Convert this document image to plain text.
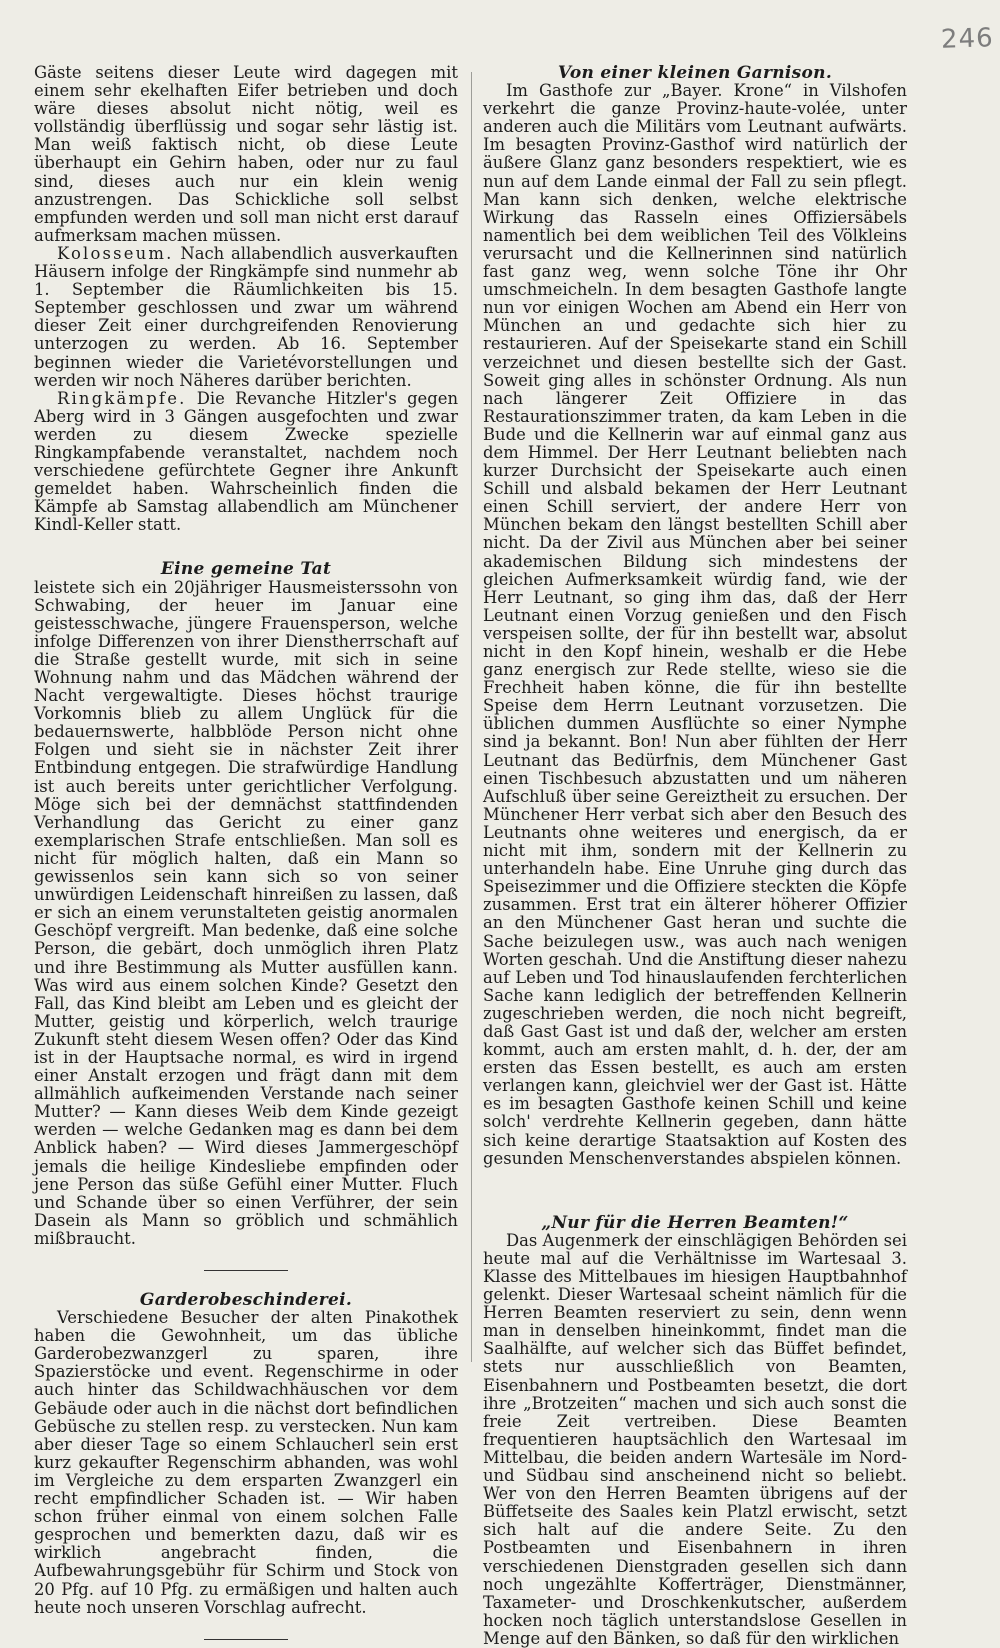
246

Gäste seitens dieser Leute wird dagegen mit einem sehr ekelhaften Eifer betrieben und doch wäre dieses absolut nicht nötig, weil es vollständig überflüssig und sogar sehr lästig ist. Man weiß faktisch nicht, ob diese Leute überhaupt ein Gehirn haben, oder nur zu faul sind, dieses auch nur ein klein wenig anzustrengen. Das Schickliche soll selbst empfunden werden und soll man nicht erst darauf aufmerksam machen müssen.

Kolosseum. Nach allabendlich ausverkauften Häusern infolge der Ringkämpfe sind nunmehr ab 1. September die Räumlichkeiten bis 15. September geschlossen und zwar um während dieser Zeit einer durchgreifenden Renovierung unterzogen zu werden. Ab 16. September beginnen wieder die Varietévorstellungen und werden wir noch Näheres darüber berichten.

Ringkämpfe. Die Revanche Hitzler's gegen Aberg wird in 3 Gängen ausgefochten und zwar werden zu diesem Zwecke spezielle Ringkampfabende veranstaltet, nachdem noch verschiedene gefürchtete Gegner ihre Ankunft gemeldet haben. Wahrscheinlich finden die Kämpfe ab Samstag allabendlich am Münchener Kindl-Keller statt.

Eine gemeine Tat

leistete sich ein 20jähriger Hausmeisterssohn von Schwabing, der heuer im Januar eine geistesschwache, jüngere Frauensperson, welche infolge Differenzen von ihrer Dienstherrschaft auf die Straße gestellt wurde, mit sich in seine Wohnung nahm und das Mädchen während der Nacht vergewaltigte. Dieses höchst traurige Vorkomnis blieb zu allem Unglück für die bedauernswerte, halbblöde Person nicht ohne Folgen und sieht sie in nächster Zeit ihrer Entbindung entgegen. Die strafwürdige Handlung ist auch bereits unter gerichtlicher Verfolgung. Möge sich bei der demnächst stattfindenden Verhandlung das Gericht zu einer ganz exemplarischen Strafe entschließen. Man soll es nicht für möglich halten, daß ein Mann so gewissenlos sein kann sich so von seiner unwürdigen Leidenschaft hinreißen zu lassen, daß er sich an einem verunstalteten geistig anormalen Geschöpf vergreift. Man bedenke, daß eine solche Person, die gebärt, doch unmöglich ihren Platz und ihre Bestimmung als Mutter ausfüllen kann. Was wird aus einem solchen Kinde? Gesetzt den Fall, das Kind bleibt am Leben und es gleicht der Mutter, geistig und körperlich, welch traurige Zukunft steht diesem Wesen offen? Oder das Kind ist in der Hauptsache normal, es wird in irgend einer Anstalt erzogen und frägt dann mit dem allmählich aufkeimenden Verstande nach seiner Mutter? — Kann dieses Weib dem Kinde gezeigt werden — welche Gedanken mag es dann bei dem Anblick haben? — Wird dieses Jammergeschöpf jemals die heilige Kindesliebe empfinden oder jene Person das süße Gefühl einer Mutter. Fluch und Schande über so einen Verführer, der sein Dasein als Mann so gröblich und schmählich mißbraucht.

Garderobeschinderei.

Verschiedene Besucher der alten Pinakothek haben die Gewohnheit, um das übliche Garderobezwanzgerl zu sparen, ihre Spazierstöcke und event. Regenschirme in oder auch hinter das Schildwachhäuschen vor dem Gebäude oder auch in die nächst dort befindlichen Gebüsche zu stellen resp. zu verstecken. Nun kam aber dieser Tage so einem Schlaucherl sein erst kurz gekaufter Regenschirm abhanden, was wohl im Vergleiche zu dem ersparten Zwanzgerl ein recht empfindlicher Schaden ist. — Wir haben schon früher einmal von einem solchen Falle gesprochen und bemerkten dazu, daß wir es wirklich angebracht finden, die Aufbewahrungsgebühr für Schirm und Stock von 20 Pfg. auf 10 Pfg. zu ermäßigen und halten auch heute noch unseren Vorschlag aufrecht.

Von einer kleinen Garnison.

Im Gasthofe zur „Bayer. Krone“ in Vilshofen verkehrt die ganze Provinz-haute-volée, unter anderen auch die Militärs vom Leutnant aufwärts. Im besagten Provinz-Gasthof wird natürlich der äußere Glanz ganz besonders respektiert, wie es nun auf dem Lande einmal der Fall zu sein pflegt. Man kann sich denken, welche elektrische Wirkung das Rasseln eines Offiziersäbels namentlich bei dem weiblichen Teil des Völkleins verursacht und die Kellnerinnen sind natürlich fast ganz weg, wenn solche Töne ihr Ohr umschmeicheln. In dem besagten Gasthofe langte nun vor einigen Wochen am Abend ein Herr von München an und gedachte sich hier zu restaurieren. Auf der Speisekarte stand ein Schill verzeichnet und diesen bestellte sich der Gast. Soweit ging alles in schönster Ordnung. Als nun nach längerer Zeit Offiziere in das Restaurationszimmer traten, da kam Leben in die Bude und die Kellnerin war auf einmal ganz aus dem Himmel. Der Herr Leutnant beliebten nach kurzer Durchsicht der Speisekarte auch einen Schill und alsbald bekamen der Herr Leutnant einen Schill serviert, der andere Herr von München bekam den längst bestellten Schill aber nicht. Da der Zivil aus München aber bei seiner akademischen Bildung sich mindestens der gleichen Aufmerksamkeit würdig fand, wie der Herr Leutnant, so ging ihm das, daß der Herr Leutnant einen Vorzug genießen und den Fisch verspeisen sollte, der für ihn bestellt war, absolut nicht in den Kopf hinein, weshalb er die Hebe ganz energisch zur Rede stellte, wieso sie die Frechheit haben könne, die für ihn bestellte Speise dem Herrn Leutnant vorzusetzen. Die üblichen dummen Ausflüchte so einer Nymphe sind ja bekannt. Bon! Nun aber fühlten der Herr Leutnant das Bedürfnis, dem Münchener Gast einen Tischbesuch abzustatten und um näheren Aufschluß über seine Gereiztheit zu ersuchen. Der Münchener Herr verbat sich aber den Besuch des Leutnants ohne weiteres und energisch, da er nicht mit ihm, sondern mit der Kellnerin zu unterhandeln habe. Eine Unruhe ging durch das Speisezimmer und die Offiziere steckten die Köpfe zusammen. Erst trat ein älterer höherer Offizier an den Münchener Gast heran und suchte die Sache beizulegen usw., was auch nach wenigen Worten geschah. Und die Anstiftung dieser nahezu auf Leben und Tod hinauslaufenden ferchterlichen Sache kann lediglich der betreffenden Kellnerin zugeschrieben werden, die noch nicht begreift, daß Gast Gast ist und daß der, welcher am ersten kommt, auch am ersten mahlt, d. h. der, der am ersten das Essen bestellt, es auch am ersten verlangen kann, gleichviel wer der Gast ist. Hätte es im besagten Gasthofe keinen Schill und keine solch' verdrehte Kellnerin gegeben, dann hätte sich keine derartige Staatsaktion auf Kosten des gesunden Menschenverstandes abspielen können.

„Nur für die Herren Beamten!“

Das Augenmerk der einschlägigen Behörden sei heute mal auf die Verhältnisse im Wartesaal 3. Klasse des Mittelbaues im hiesigen Hauptbahnhof gelenkt. Dieser Wartesaal scheint nämlich für die Herren Beamten reserviert zu sein, denn wenn man in denselben hineinkommt, findet man die Saalhälfte, auf welcher sich das Büffet befindet, stets nur ausschließlich von Beamten, Eisenbahnern und Postbeamten besetzt, die dort ihre „Brotzeiten“ machen und sich auch sonst die freie Zeit vertreiben. Diese Beamten frequentieren hauptsächlich den Wartesaal im Mittelbau, die beiden andern Wartesäle im Nord- und Südbau sind anscheinend nicht so beliebt. Wer von den Herren Beamten übrigens auf der Büffetseite des Saales kein Platzl erwischt, setzt sich halt auf die andere Seite. Zu den Postbeamten und Eisenbahnern in ihren verschiedenen Dienstgraden gesellen sich dann noch ungezählte Kofferträger, Dienstmänner, Taxameter- und Droschkenkutscher, außerdem hocken noch täglich unterstandslose Gesellen in Menge auf den Bänken, so daß für den wirklichen
